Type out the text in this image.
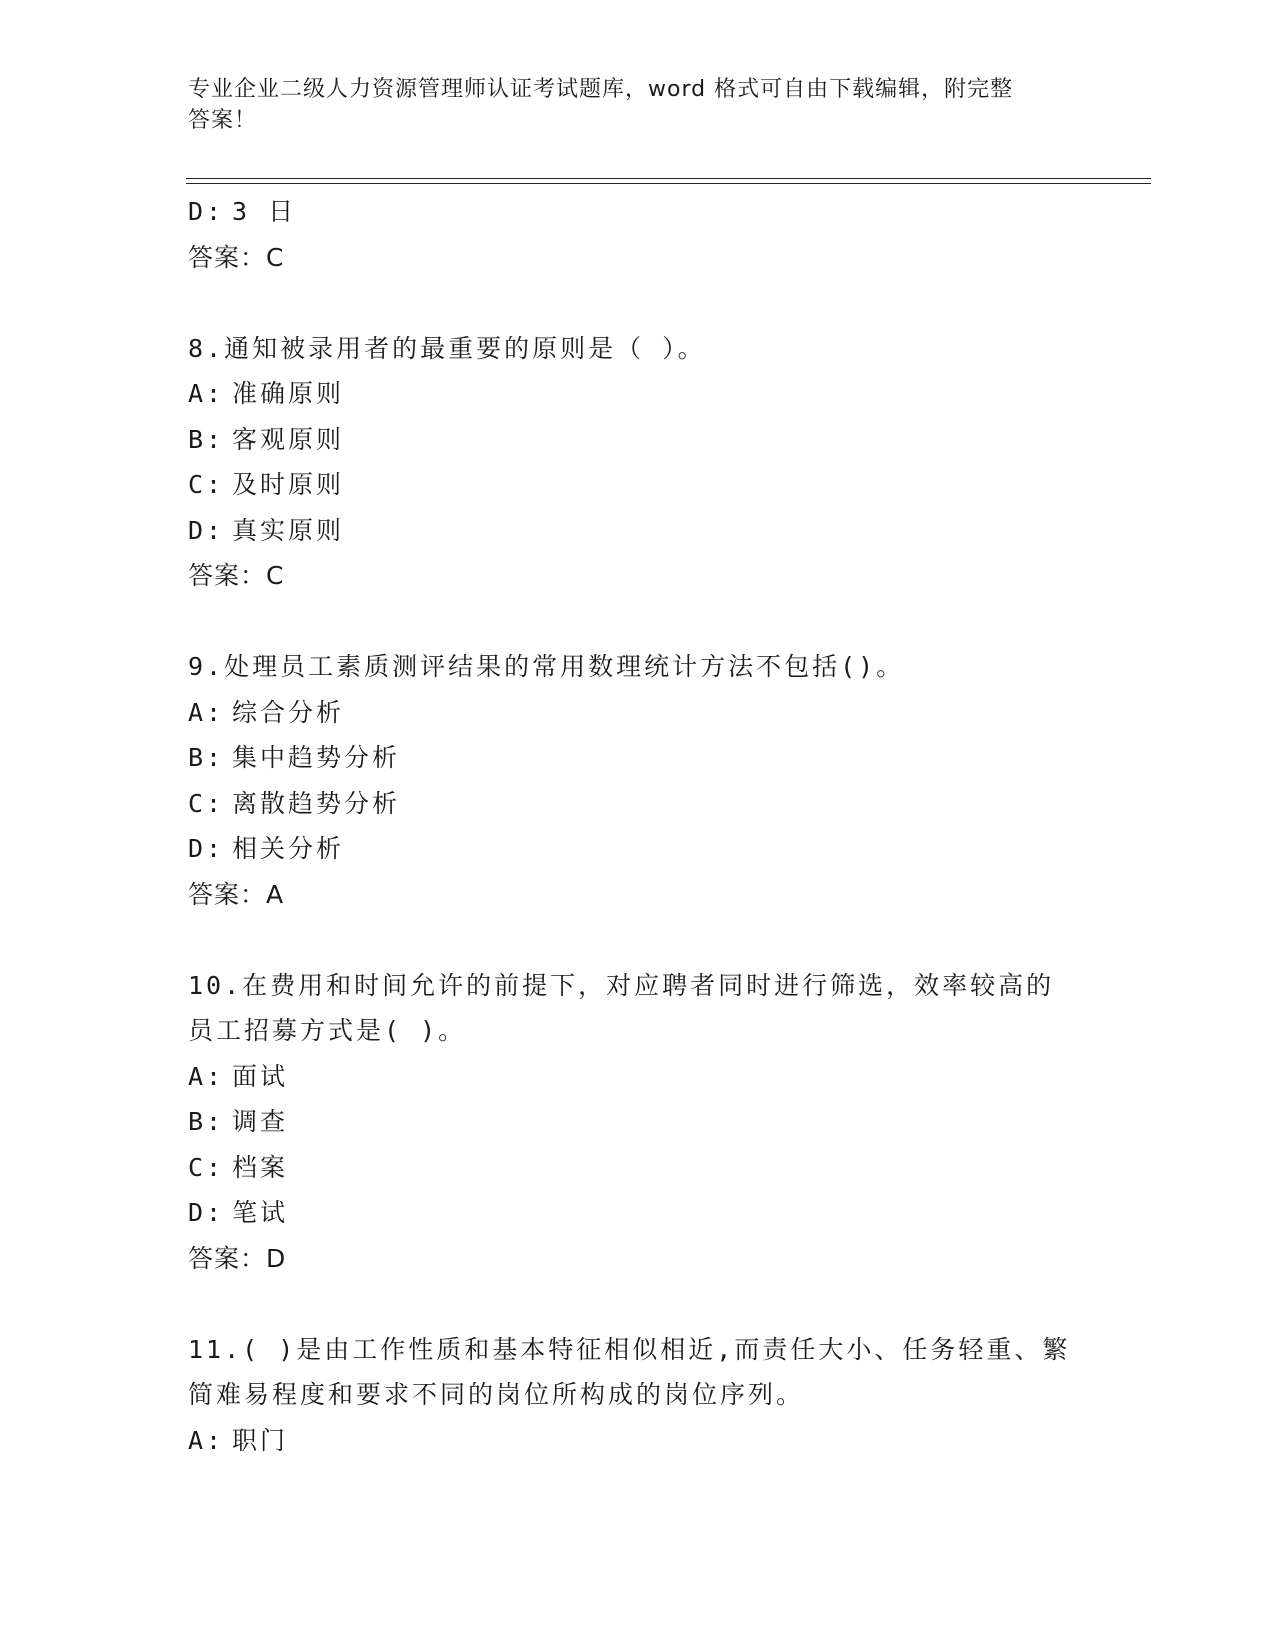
专业企业二级人力资源管理师认证考试题库，word 格式可自由下载编辑，附完整
答案！
D: 3 日
答案：C
8.通知被录用者的最重要的原则是（ ）。
A: 准确原则
B: 客观原则
C: 及时原则
D: 真实原则
答案：C
9.处理员工素质测评结果的常用数理统计方法不包括()。
A: 综合分析
B: 集中趋势分析
C: 离散趋势分析
D: 相关分析
答案：A
10.在费用和时间允许的前提下，对应聘者同时进行筛选，效率较高的
员工招募方式是( )。
A: 面试
B: 调查
C: 档案
D: 笔试
答案：D
11.( )是由工作性质和基本特征相似相近,而责任大小、任务轻重、繁
简难易程度和要求不同的岗位所构成的岗位序列。
A: 职门
